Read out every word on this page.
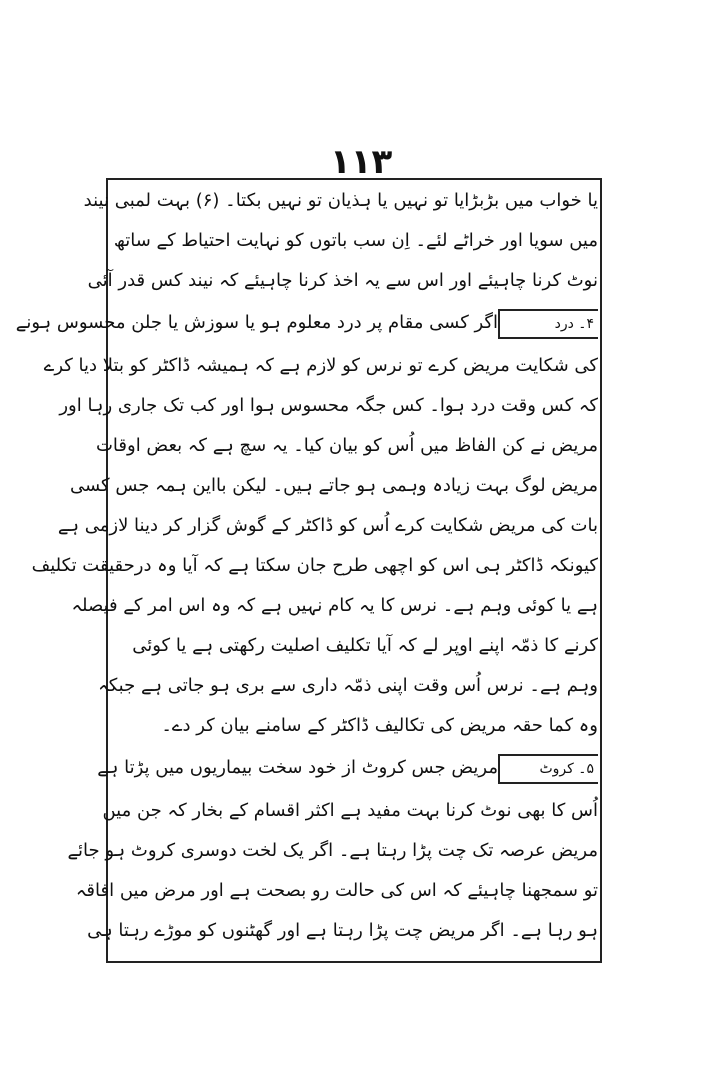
۱۱۳
یا خواب میں بڑبڑایا تو نہیں یا ہذیان تو نہیں بکتا۔ (۶) بہت لمبی نیند
میں سویا اور خراٹے لئے۔ اِن سب باتوں کو نہایت احتیاط کے ساتھ
نوٹ کرنا چاہیئے اور اس سے یہ اخذ کرنا چاہیئے کہ نیند کس قدر آئی
۴۔ درد
اگر کسی مقام پر درد معلوم ہو یا سوزش یا جلن محسوس ہونے
کی شکایت مریض کرے تو نرس کو لازم ہے کہ ہمیشہ ڈاکٹر کو بتلا دیا کرے
کہ کس وقت درد ہوا۔ کس جگہ محسوس ہوا اور کب تک جاری رہا اور
مریض نے کن الفاظ میں اُس کو بیان کیا۔ یہ سچ ہے کہ بعض اوقات
مریض لوگ بہت زیادہ وہمی ہو جاتے ہیں۔ لیکن بااین ہمہ جس کسی
بات کی مریض شکایت کرے اُس کو ڈاکٹر کے گوش گزار کر دینا لازمی ہے
کیونکہ ڈاکٹر ہی اس کو اچھی طرح جان سکتا ہے کہ آیا وہ درحقیقت تکلیف
ہے یا کوئی وہم ہے۔ نرس کا یہ کام نہیں ہے کہ وہ اس امر کے فیصلہ
کرنے کا ذمّہ اپنے اوپر لے کہ آیا تکلیف اصلیت رکھتی ہے یا کوئی
وہم ہے۔ نرس اُس وقت اپنی ذمّہ داری سے بری ہو جاتی ہے جبکہ
وہ کما حقہ مریض کی تکالیف ڈاکٹر کے سامنے بیان کر دے۔
۵۔ کروٹ
مریض جس کروٹ از خود سخت بیماریوں میں پڑتا ہے
اُس کا بھی نوٹ کرنا بہت مفید ہے اکثر اقسام کے بخار کہ جن میں
مریض عرصہ تک چت پڑا رہتا ہے۔ اگر یک لخت دوسری کروٹ ہو جائے
تو سمجھنا چاہیئے کہ اس کی حالت رو بصحت ہے اور مرض میں افاقہ
ہو رہا ہے۔ اگر مریض چت پڑا رہتا ہے اور گھٹنوں کو موڑے رہتا ہی
